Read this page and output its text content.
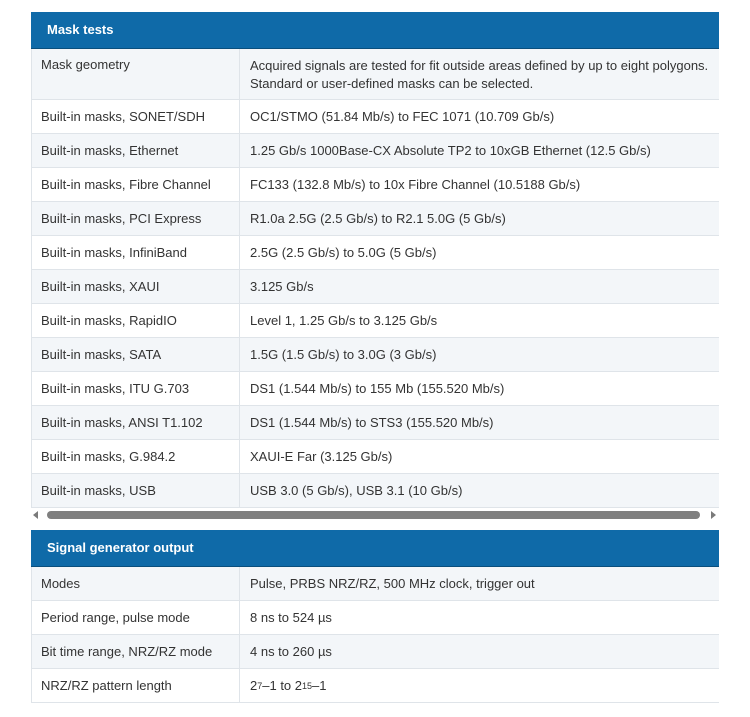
Mask tests
Mask geometry	Acquired signals are tested for fit outside areas defined by up to eight polygons. Standard or user-defined masks can be selected.
Built-in masks, SONET/SDH	OC1/STMO (51.84 Mb/s) to FEC 1071 (10.709 Gb/s)
Built-in masks, Ethernet	1.25 Gb/s 1000Base-CX Absolute TP2 to 10xGB Ethernet (12.5 Gb/s)
Built-in masks, Fibre Channel	FC133 (132.8 Mb/s) to 10x Fibre Channel (10.5188 Gb/s)
Built-in masks, PCI Express	R1.0a 2.5G (2.5 Gb/s) to R2.1 5.0G (5 Gb/s)
Built-in masks, InfiniBand	2.5G (2.5 Gb/s) to 5.0G (5 Gb/s)
Built-in masks, XAUI	3.125 Gb/s
Built-in masks, RapidIO	Level 1, 1.25 Gb/s to 3.125 Gb/s
Built-in masks, SATA	1.5G (1.5 Gb/s) to 3.0G (3 Gb/s)
Built-in masks, ITU G.703	DS1 (1.544 Mb/s) to 155 Mb (155.520 Mb/s)
Built-in masks, ANSI T1.102	DS1 (1.544 Mb/s) to STS3 (155.520 Mb/s)
Built-in masks, G.984.2	XAUI-E Far (3.125 Gb/s)
Built-in masks, USB	USB 3.0 (5 Gb/s), USB 3.1 (10 Gb/s)
Signal generator output
Modes	Pulse, PRBS NRZ/RZ, 500 MHz clock, trigger out
Period range, pulse mode	8 ns to 524 µs
Bit time range, NRZ/RZ mode	4 ns to 260 µs
NRZ/RZ pattern length	2 7 –1 to 2 15 –1
